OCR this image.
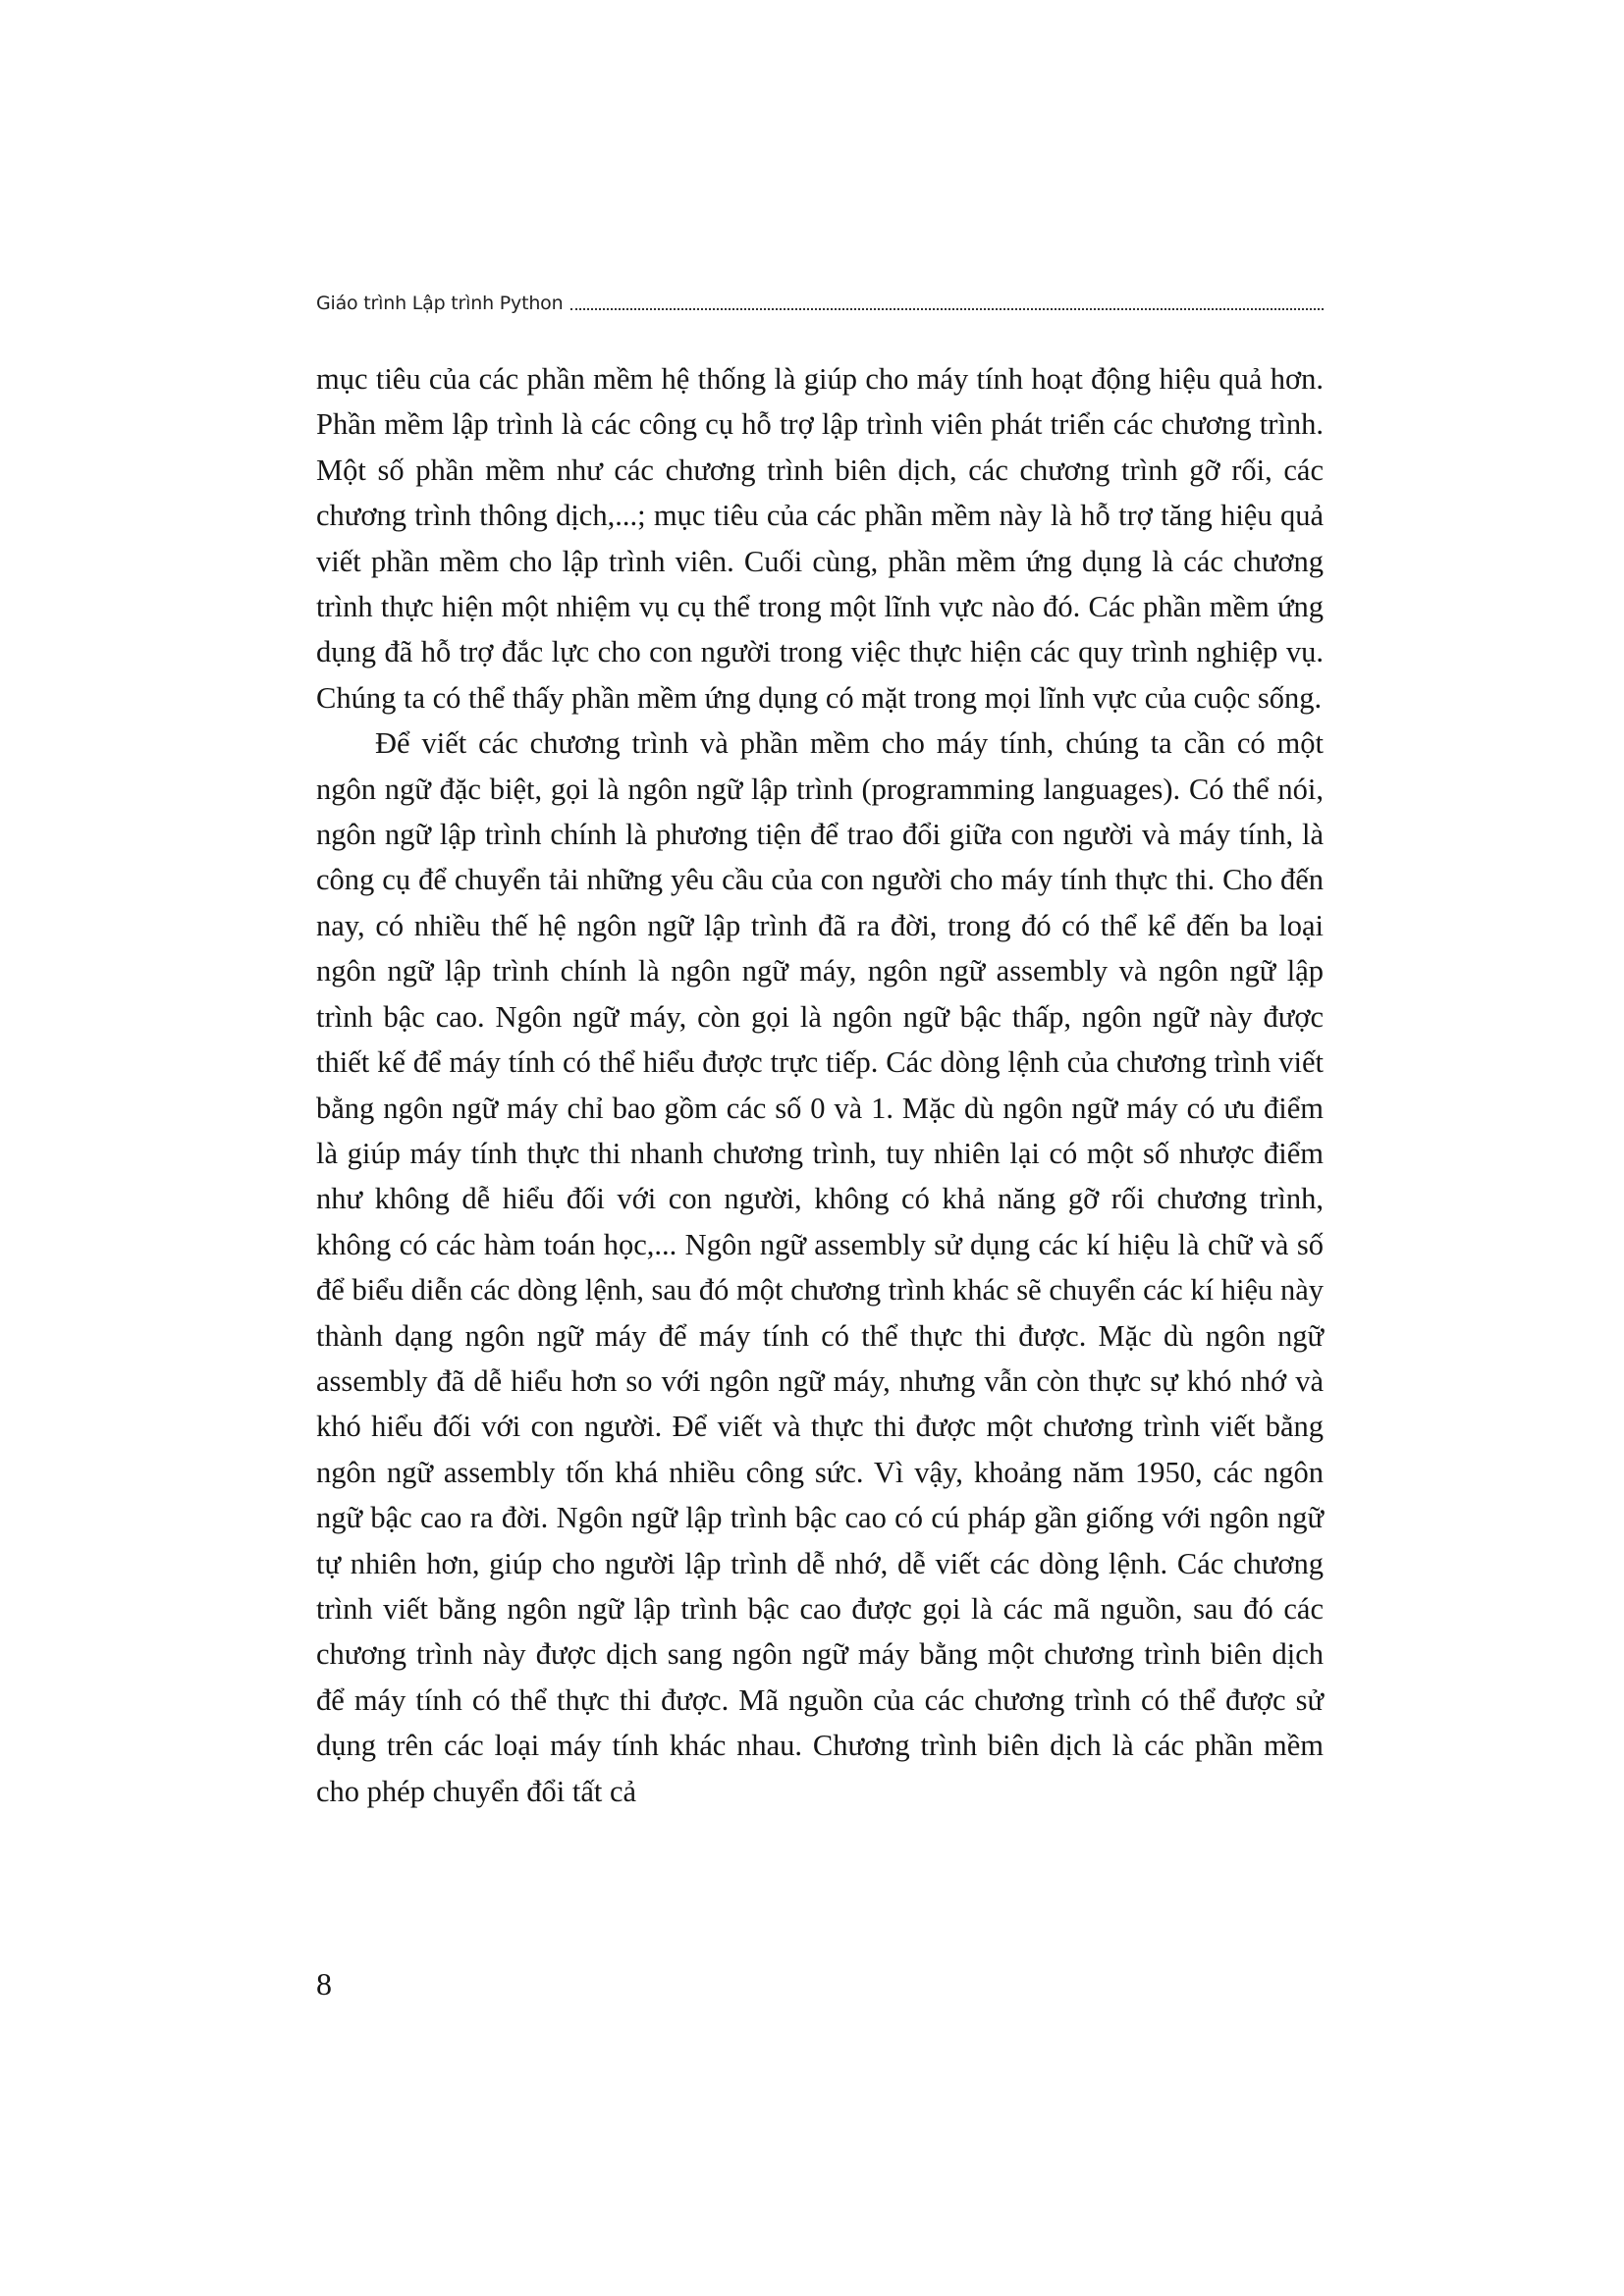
Giáo trình Lập trình Python

mục tiêu của các phần mềm hệ thống là giúp cho máy tính hoạt động hiệu quả hơn. Phần mềm lập trình là các công cụ hỗ trợ lập trình viên phát triển các chương trình. Một số phần mềm như các chương trình biên dịch, các chương trình gỡ rối, các chương trình thông dịch,...; mục tiêu của các phần mềm này là hỗ trợ tăng hiệu quả viết phần mềm cho lập trình viên. Cuối cùng, phần mềm ứng dụng là các chương trình thực hiện một nhiệm vụ cụ thể trong một lĩnh vực nào đó. Các phần mềm ứng dụng đã hỗ trợ đắc lực cho con người trong việc thực hiện các quy trình nghiệp vụ. Chúng ta có thể thấy phần mềm ứng dụng có mặt trong mọi lĩnh vực của cuộc sống.

Để viết các chương trình và phần mềm cho máy tính, chúng ta cần có một ngôn ngữ đặc biệt, gọi là ngôn ngữ lập trình (programming languages). Có thể nói, ngôn ngữ lập trình chính là phương tiện để trao đổi giữa con người và máy tính, là công cụ để chuyển tải những yêu cầu của con người cho máy tính thực thi. Cho đến nay, có nhiều thế hệ ngôn ngữ lập trình đã ra đời, trong đó có thể kể đến ba loại ngôn ngữ lập trình chính là ngôn ngữ máy, ngôn ngữ assembly và ngôn ngữ lập trình bậc cao. Ngôn ngữ máy, còn gọi là ngôn ngữ bậc thấp, ngôn ngữ này được thiết kế để máy tính có thể hiểu được trực tiếp. Các dòng lệnh của chương trình viết bằng ngôn ngữ máy chỉ bao gồm các số 0 và 1. Mặc dù ngôn ngữ máy có ưu điểm là giúp máy tính thực thi nhanh chương trình, tuy nhiên lại có một số nhược điểm như không dễ hiểu đối với con người, không có khả năng gỡ rối chương trình, không có các hàm toán học,... Ngôn ngữ assembly sử dụng các kí hiệu là chữ và số để biểu diễn các dòng lệnh, sau đó một chương trình khác sẽ chuyển các kí hiệu này thành dạng ngôn ngữ máy để máy tính có thể thực thi được. Mặc dù ngôn ngữ assembly đã dễ hiểu hơn so với ngôn ngữ máy, nhưng vẫn còn thực sự khó nhớ và khó hiểu đối với con người. Để viết và thực thi được một chương trình viết bằng ngôn ngữ assembly tốn khá nhiều công sức. Vì vậy, khoảng năm 1950, các ngôn ngữ bậc cao ra đời. Ngôn ngữ lập trình bậc cao có cú pháp gần giống với ngôn ngữ tự nhiên hơn, giúp cho người lập trình dễ nhớ, dễ viết các dòng lệnh. Các chương trình viết bằng ngôn ngữ lập trình bậc cao được gọi là các mã nguồn, sau đó các chương trình này được dịch sang ngôn ngữ máy bằng một chương trình biên dịch để máy tính có thể thực thi được. Mã nguồn của các chương trình có thể được sử dụng trên các loại máy tính khác nhau. Chương trình biên dịch là các phần mềm cho phép chuyển đổi tất cả

8
